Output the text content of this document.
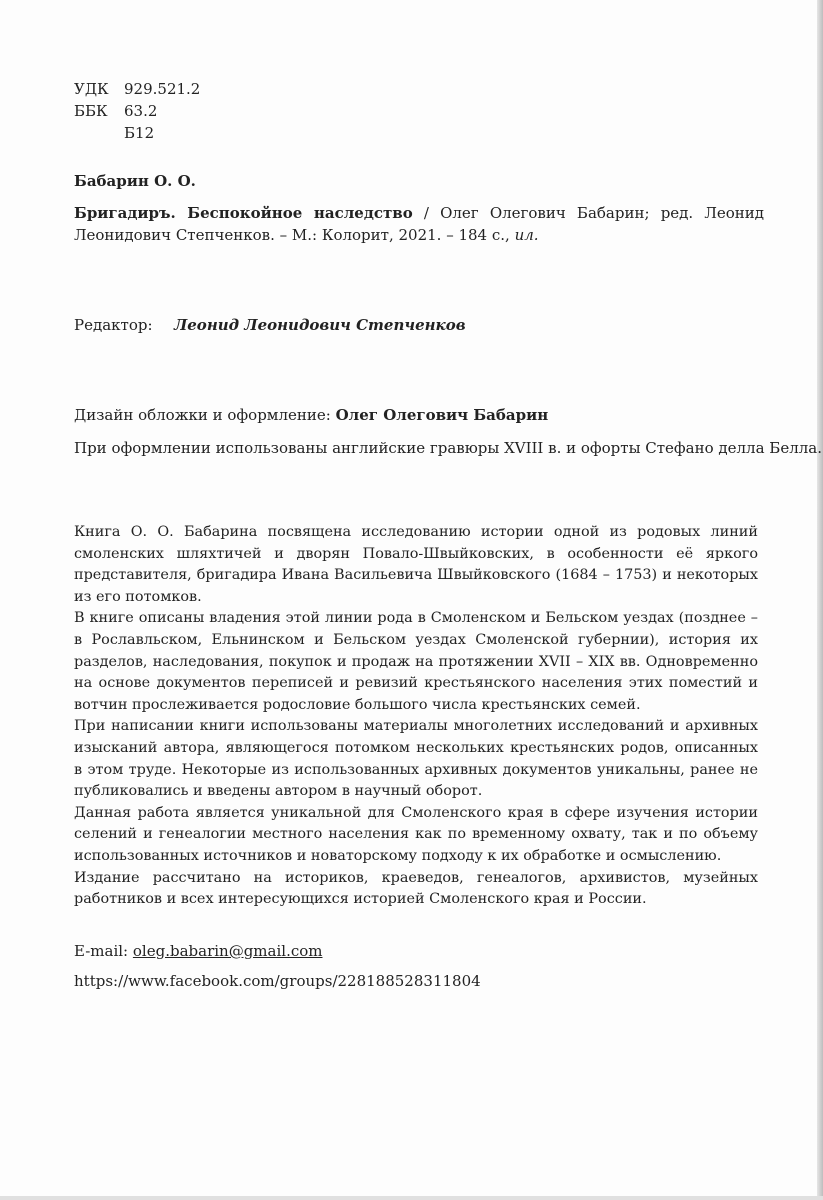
УДК 929.521.2
ББК 63.2
Б12
Бабарин О. О.
Бригадиръ. Беспокойное наследство / Олег Олегович Бабарин; ред. Леонид Леонидович Степченков. – М.: Колорит, 2021. – 184 с., ил.
Редактор: Леонид Леонидович Степченков
Дизайн обложки и оформление: Олег Олегович Бабарин
При оформлении использованы английские гравюры XVIII в. и офорты Стефано делла Белла.

Книга О. О. Бабарина посвящена исследованию истории одной из родовых линий смоленских шляхтичей и дворян Повало-Швыйковских, в особенности её яркого представителя, бригадира Ивана Васильевича Швыйковского (1684 – 1753) и некоторых из его потомков.

В книге описаны владения этой линии рода в Смоленском и Бельском уездах (позднее – в Рославльском, Ельнинском и Бельском уездах Смоленской губернии), история их разделов, наследования, покупок и продаж на протяжении XVII – XIX вв. Одновременно на основе документов переписей и ревизий крестьянского населения этих поместий и вотчин прослеживается родословие большого числа крестьянских семей.

При написании книги использованы материалы многолетних исследований и архивных изысканий автора, являющегося потомком нескольких крестьянских родов, описанных в этом труде. Некоторые из использованных архивных документов уникальны, ранее не публиковались и введены автором в научный оборот.

Данная работа является уникальной для Смоленского края в сфере изучения истории селений и генеалогии местного населения как по временному охвату, так и по объему использованных источников и новаторскому подходу к их обработке и осмыслению.

Издание рассчитано на историков, краеведов, генеалогов, архивистов, музейных работников и всех интересующихся историей Смоленского края и России.

E-mail: oleg.babarin@gmail.com
https://www.facebook.com/groups/228188528311804
